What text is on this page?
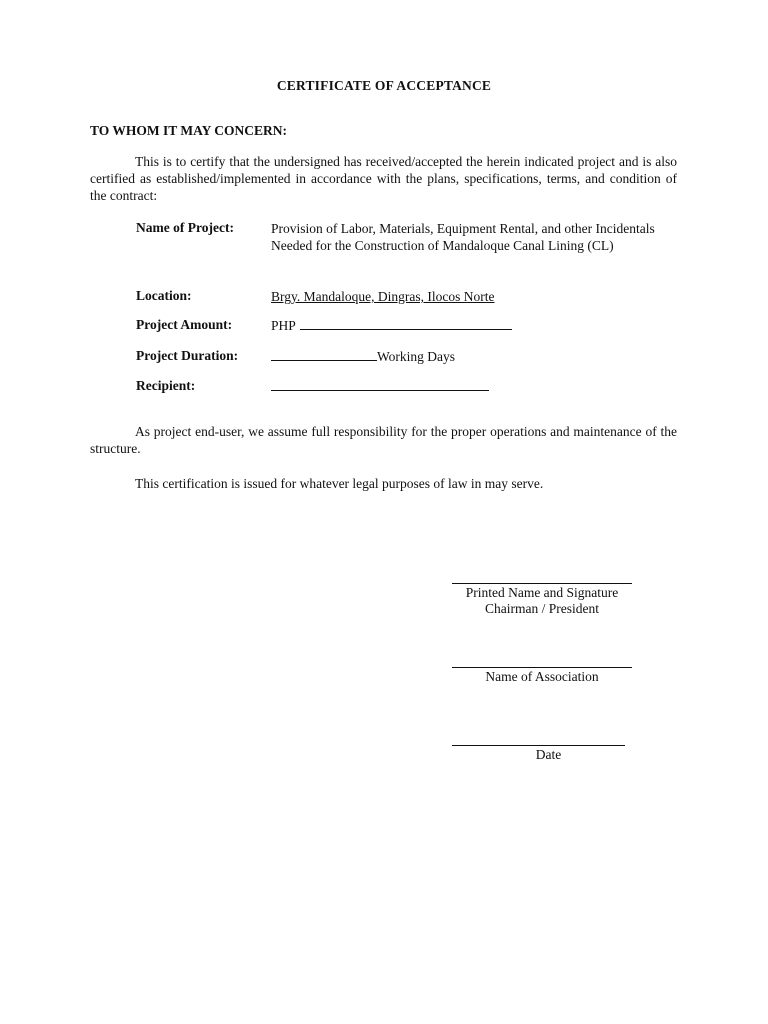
CERTIFICATE OF ACCEPTANCE
TO WHOM IT MAY CONCERN:
This is to certify that the undersigned has received/accepted the herein indicated project and is also certified as established/implemented in accordance with the plans, specifications, terms, and condition of the contract:
Name of Project:	Provision of Labor, Materials, Equipment Rental, and other Incidentals Needed for the Construction of Mandaloque Canal Lining (CL)
Location:	Brgy. Mandaloque, Dingras, Ilocos Norte
Project Amount:	PHP
Project Duration:	Working Days
Recipient:
As project end-user, we assume full responsibility for the proper operations and maintenance of the structure.
This certification is issued for whatever legal purposes of law in may serve.
Printed Name and Signature
Chairman / President
Name of Association
Date
